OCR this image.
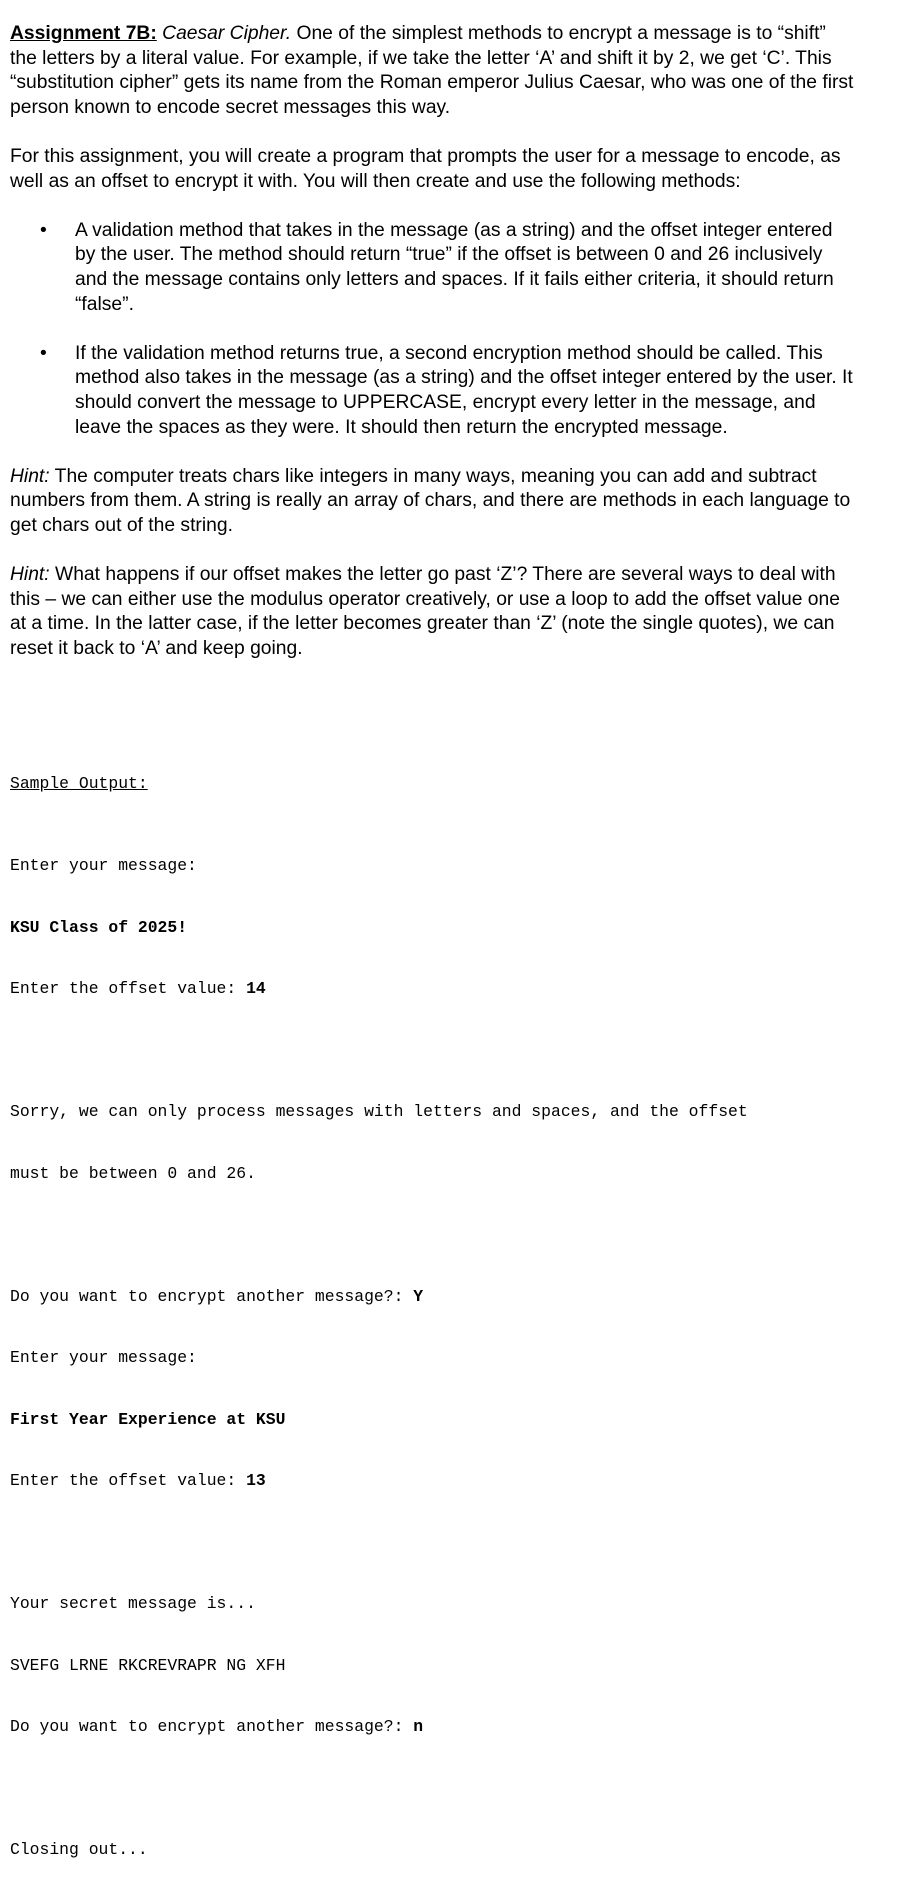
Assignment 7B: Caesar Cipher. One of the simplest methods to encrypt a message is to “shift” the letters by a literal value. For example, if we take the letter ‘A’ and shift it by 2, we get ‘C’. This “substitution cipher” gets its name from the Roman emperor Julius Caesar, who was one of the first person known to encode secret messages this way.

For this assignment, you will create a program that prompts the user for a message to encode, as well as an offset to encrypt it with. You will then create and use the following methods:

• A validation method that takes in the message (as a string) and the offset integer entered by the user. The method should return “true” if the offset is between 0 and 26 inclusively and the message contains only letters and spaces. If it fails either criteria, it should return “false”.
• If the validation method returns true, a second encryption method should be called. This method also takes in the message (as a string) and the offset integer entered by the user. It should convert the message to UPPERCASE, encrypt every letter in the message, and leave the spaces as they were. It should then return the encrypted message.

Hint: The computer treats chars like integers in many ways, meaning you can add and subtract numbers from them. A string is really an array of chars, and there are methods in each language to get chars out of the string.

Hint: What happens if our offset makes the letter go past ‘Z’? There are several ways to deal with this – we can either use the modulus operator creatively, or use a loop to add the offset value one at a time. In the latter case, if the letter becomes greater than ‘Z’ (note the single quotes), we can reset it back to ‘A’ and keep going.

Sample Output:

Enter your message:

KSU Class of 2025!

Enter the offset value: 14

Sorry, we can only process messages with letters and spaces, and the offset

must be between 0 and 26.

Do you want to encrypt another message?: Y

Enter your message:

First Year Experience at KSU

Enter the offset value: 13

Your secret message is...

SVEFG LRNE RKCREVRAPR NG XFH

Do you want to encrypt another message?: n

Closing out...
